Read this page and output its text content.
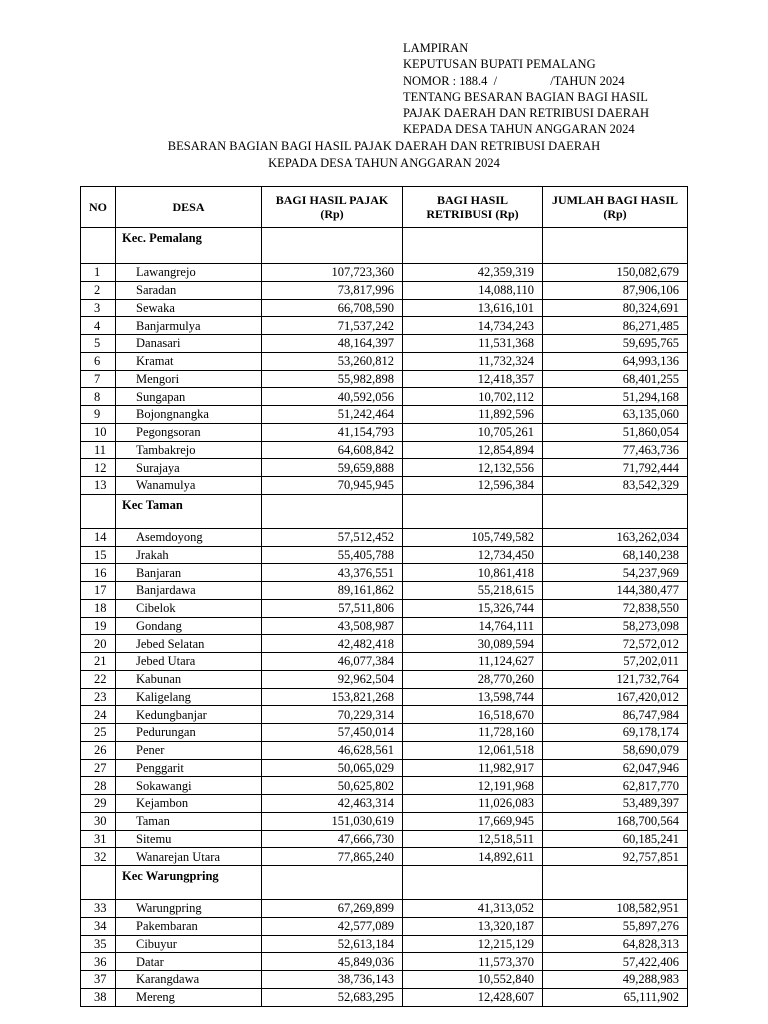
LAMPIRAN
KEPUTUSAN BUPATI PEMALANG
NOMOR : 188.4  /                 /TAHUN 2024
TENTANG BESARAN BAGIAN BAGI HASIL
PAJAK DAERAH DAN RETRIBUSI DAERAH
KEPADA DESA TAHUN ANGGARAN 2024
BESARAN BAGIAN BAGI HASIL PAJAK DAERAH DAN RETRIBUSI DAERAH
KEPADA DESA TAHUN ANGGARAN 2024
NO	DESA	BAGI HASIL PAJAK (Rp)	BAGI HASIL RETRIBUSI (Rp)	JUMLAH BAGI HASIL (Rp)
	Kec. Pemalang			

1	Lawangrejo	107,723,360	42,359,319	150,082,679
2	Saradan	73,817,996	14,088,110	87,906,106
3	Sewaka	66,708,590	13,616,101	80,324,691
4	Banjarmulya	71,537,242	14,734,243	86,271,485
5	Danasari	48,164,397	11,531,368	59,695,765
6	Kramat	53,260,812	11,732,324	64,993,136
7	Mengori	55,982,898	12,418,357	68,401,255
8	Sungapan	40,592,056	10,702,112	51,294,168
9	Bojongnangka	51,242,464	11,892,596	63,135,060
10	Pegongsoran	41,154,793	10,705,261	51,860,054
11	Tambakrejo	64,608,842	12,854,894	77,463,736
12	Surajaya	59,659,888	12,132,556	71,792,444
13	Wanamulya	70,945,945	12,596,384	83,542,329
	Kec Taman			

14	Asemdoyong	57,512,452	105,749,582	163,262,034
15	Jrakah	55,405,788	12,734,450	68,140,238
16	Banjaran	43,376,551	10,861,418	54,237,969
17	Banjardawa	89,161,862	55,218,615	144,380,477
18	Cibelok	57,511,806	15,326,744	72,838,550
19	Gondang	43,508,987	14,764,111	58,273,098
20	Jebed Selatan	42,482,418	30,089,594	72,572,012
21	Jebed Utara	46,077,384	11,124,627	57,202,011
22	Kabunan	92,962,504	28,770,260	121,732,764
23	Kaligelang	153,821,268	13,598,744	167,420,012
24	Kedungbanjar	70,229,314	16,518,670	86,747,984
25	Pedurungan	57,450,014	11,728,160	69,178,174
26	Pener	46,628,561	12,061,518	58,690,079
27	Penggarit	50,065,029	11,982,917	62,047,946
28	Sokawangi	50,625,802	12,191,968	62,817,770
29	Kejambon	42,463,314	11,026,083	53,489,397
30	Taman	151,030,619	17,669,945	168,700,564
31	Sitemu	47,666,730	12,518,511	60,185,241
32	Wanarejan Utara	77,865,240	14,892,611	92,757,851
	Kec Warungpring			

33	Warungpring	67,269,899	41,313,052	108,582,951
34	Pakembaran	42,577,089	13,320,187	55,897,276
35	Cibuyur	52,613,184	12,215,129	64,828,313
36	Datar	45,849,036	11,573,370	57,422,406
37	Karangdawa	38,736,143	10,552,840	49,288,983
38	Mereng	52,683,295	12,428,607	65,111,902
